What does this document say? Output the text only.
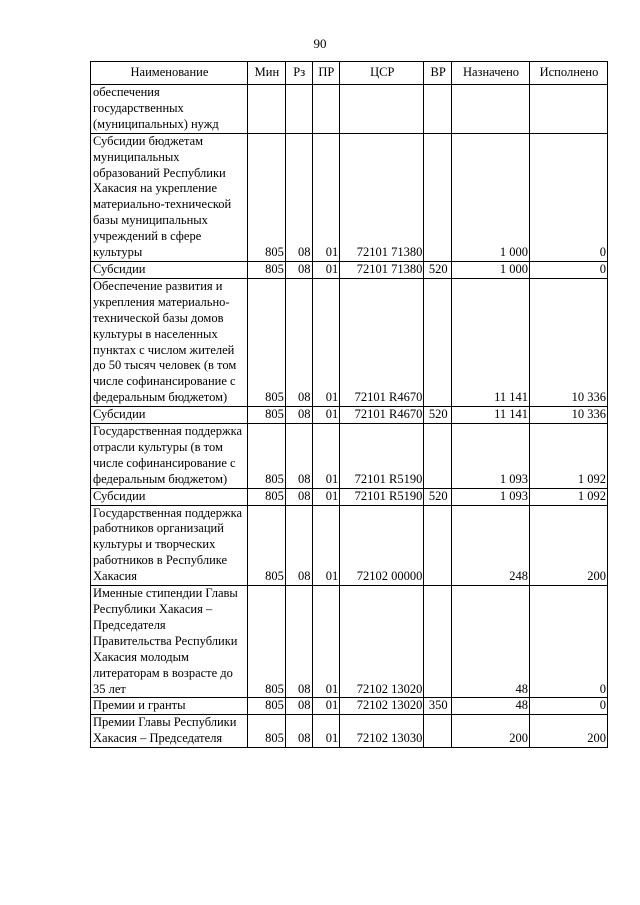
90
Наименование	Мин	Рз	ПР	ЦСР	ВР	Назначено	Исполнено
обеспечения государственных (муниципальных) нужд							
Субсидии бюджетам муниципальных образований Республики Хакасия на укрепление материально-технической базы муниципальных учреждений в сфере культуры	805	08	01	72101 71380		1 000	0
Субсидии	805	08	01	72101 71380	520	1 000	0
Обеспечение развития и укрепления материально-технической базы домов культуры в населенных пунктах с числом жителей до 50 тысяч человек (в том числе софинансирование с федеральным бюджетом)	805	08	01	72101 R4670		11 141	10 336
Субсидии	805	08	01	72101 R4670	520	11 141	10 336
Государственная поддержка отрасли культуры (в том числе софинансирование с федеральным бюджетом)	805	08	01	72101 R5190		1 093	1 092
Субсидии	805	08	01	72101 R5190	520	1 093	1 092
Государственная поддержка работников организаций культуры и творческих работников в Республике Хакасия	805	08	01	72102 00000		248	200
Именные стипендии Главы Республики Хакасия – Председателя Правительства Республики Хакасия молодым литераторам в возрасте до 35 лет	805	08	01	72102 13020		48	0
Премии и гранты	805	08	01	72102 13020	350	48	0
Премии Главы Республики Хакасия – Председателя	805	08	01	72102 13030		200	200
